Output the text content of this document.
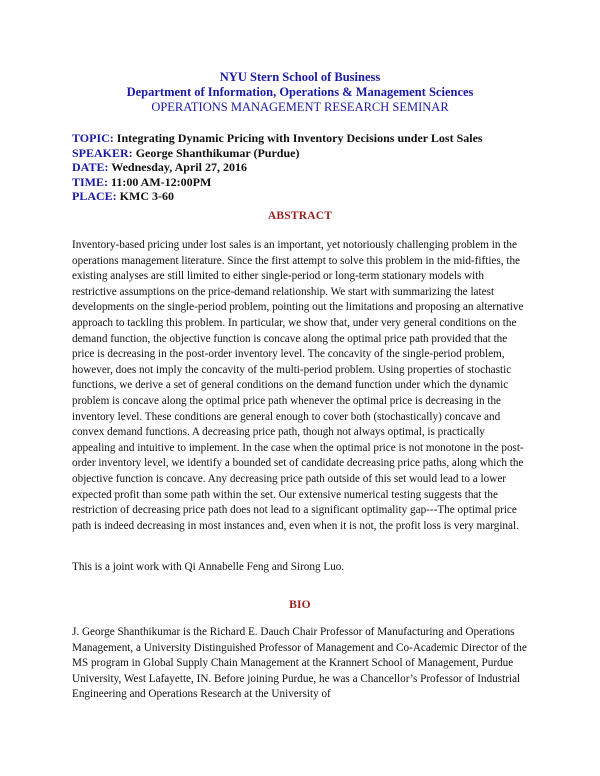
NYU Stern School of Business
Department of Information, Operations & Management Sciences
OPERATIONS MANAGEMENT RESEARCH SEMINAR
TOPIC: Integrating Dynamic Pricing with Inventory Decisions under Lost Sales
SPEAKER: George Shanthikumar (Purdue)
DATE: Wednesday, April 27, 2016
TIME: 11:00 AM-12:00PM
PLACE: KMC 3-60
ABSTRACT
Inventory-based pricing under lost sales is an important, yet notoriously challenging problem in the operations management literature. Since the first attempt to solve this problem in the mid-fifties, the existing analyses are still limited to either single-period or long-term stationary models with restrictive assumptions on the price-demand relationship. We start with summarizing the latest developments on the single-period problem, pointing out the limitations and proposing an alternative approach to tackling this problem. In particular, we show that, under very general conditions on the demand function, the objective function is concave along the optimal price path provided that the price is decreasing in the post-order inventory level. The concavity of the single-period problem, however, does not imply the concavity of the multi-period problem. Using properties of stochastic functions, we derive a set of general conditions on the demand function under which the dynamic problem is concave along the optimal price path whenever the optimal price is decreasing in the inventory level. These conditions are general enough to cover both (stochastically) concave and convex demand functions. A decreasing price path, though not always optimal, is practically appealing and intuitive to implement. In the case when the optimal price is not monotone in the post-order inventory level, we identify a bounded set of candidate decreasing price paths, along which the objective function is concave. Any decreasing price path outside of this set would lead to a lower expected profit than some path within the set. Our extensive numerical testing suggests that the restriction of decreasing price path does not lead to a significant optimality gap---The optimal price path is indeed decreasing in most instances and, even when it is not, the profit loss is very marginal.
This is a joint work with Qi Annabelle Feng and Sirong Luo.
BIO
J. George Shanthikumar is the Richard E. Dauch Chair Professor of Manufacturing and Operations Management, a University Distinguished Professor of Management and Co-Academic Director of the MS program in Global Supply Chain Management at the Krannert School of Management, Purdue University, West Lafayette, IN. Before joining Purdue, he was a Chancellor’s Professor of Industrial Engineering and Operations Research at the University of
